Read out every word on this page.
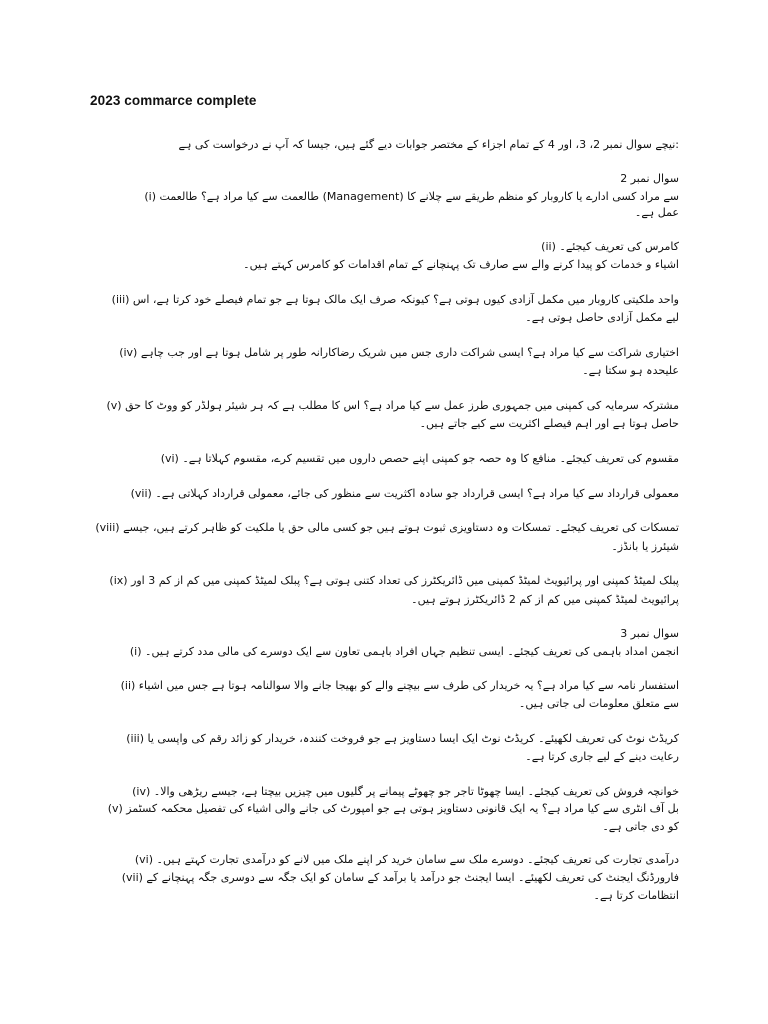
2023 commarce complete
:نیچے سوال نمبر 2، 3، اور 4 کے تمام اجزاء کے مختصر جوابات دیے گئے ہیں، جیسا کہ آپ نے درخواست کی ہے
سوال نمبر 2
(i) طالعمت سے کیا مراد ہے؟ طالعمت (Management) سے مراد کسی ادارے یا کاروبار کو منظم طریقے سے چلانے کا
عمل ہے۔
(ii) کامرس کی تعریف کیجئے۔
اشیاء و خدمات کو پیدا کرنے والے سے صارف تک پہنچانے کے تمام اقدامات کو کامرس کہتے ہیں۔
(iii) واحد ملکیتی کاروبار میں مکمل آزادی کیوں ہوتی ہے؟ کیونکہ صرف ایک مالک ہوتا ہے جو تمام فیصلے خود کرتا ہے، اس
لیے مکمل آزادی حاصل ہوتی ہے۔
(iv) اختیاری شراکت سے کیا مراد ہے؟ ایسی شراکت داری جس میں شریک رضاکارانہ طور پر شامل ہوتا ہے اور جب چاہے
علیحدہ ہو سکتا ہے۔
(v) مشترکہ سرمایہ کی کمپنی میں جمہوری طرز عمل سے کیا مراد ہے؟ اس کا مطلب ہے کہ ہر شیئر ہولڈر کو ووٹ کا حق
حاصل ہوتا ہے اور اہم فیصلے اکثریت سے کیے جاتے ہیں۔
(vi) مقسوم کی تعریف کیجئے۔ منافع کا وہ حصہ جو کمپنی اپنے حصص داروں میں تقسیم کرے، مقسوم کہلاتا ہے۔
(vii) معمولی قرارداد سے کیا مراد ہے؟ ایسی قرارداد جو سادہ اکثریت سے منظور کی جائے، معمولی قرارداد کہلاتی ہے۔
(viii) تمسکات کی تعریف کیجئے۔ تمسکات وہ دستاویزی ثبوت ہوتے ہیں جو کسی مالی حق یا ملکیت کو ظاہر کرتے ہیں، جیسے
شیئرز یا بانڈز۔
(ix) پبلک لمیٹڈ کمپنی اور پرائیویٹ لمیٹڈ کمپنی میں ڈائریکٹرز کی تعداد کتنی ہوتی ہے؟ پبلک لمیٹڈ کمپنی میں کم از کم 3 اور
پرائیویٹ لمیٹڈ کمپنی میں کم از کم 2 ڈائریکٹرز ہوتے ہیں۔
سوال نمبر 3
(i) انجمن امداد باہمی کی تعریف کیجئے۔ ایسی تنظیم جہاں افراد باہمی تعاون سے ایک دوسرے کی مالی مدد کرتے ہیں۔
(ii) استفسار نامہ سے کیا مراد ہے؟ یہ خریدار کی طرف سے بیچنے والے کو بھیجا جانے والا سوالنامہ ہوتا ہے جس میں اشیاء
سے متعلق معلومات لی جاتی ہیں۔
(iii) کریڈٹ نوٹ کی تعریف لکھیئے۔ کریڈٹ نوٹ ایک ایسا دستاویز ہے جو فروخت کنندہ، خریدار کو زائد رقم کی واپسی یا
رعایت دینے کے لیے جاری کرتا ہے۔
(iv) خوانچہ فروش کی تعریف کیجئے۔ ایسا چھوٹا تاجر جو چھوٹے پیمانے پر گلیوں میں چیزیں بیچتا ہے، جیسے ریڑھی والا۔
(v) بل آف انٹری سے کیا مراد ہے؟ یہ ایک قانونی دستاویز ہوتی ہے جو امپورٹ کی جانے والی اشیاء کی تفصیل محکمہ کسٹمز
کو دی جاتی ہے۔
(vi) درآمدی تجارت کی تعریف کیجئے۔ دوسرے ملک سے سامان خرید کر اپنے ملک میں لانے کو درآمدی تجارت کہتے ہیں۔
(vii) فارورڈنگ ایجنٹ کی تعریف لکھیئے۔ ایسا ایجنٹ جو درآمد یا برآمد کے سامان کو ایک جگہ سے دوسری جگہ پہنچانے کے
انتظامات کرتا ہے۔
